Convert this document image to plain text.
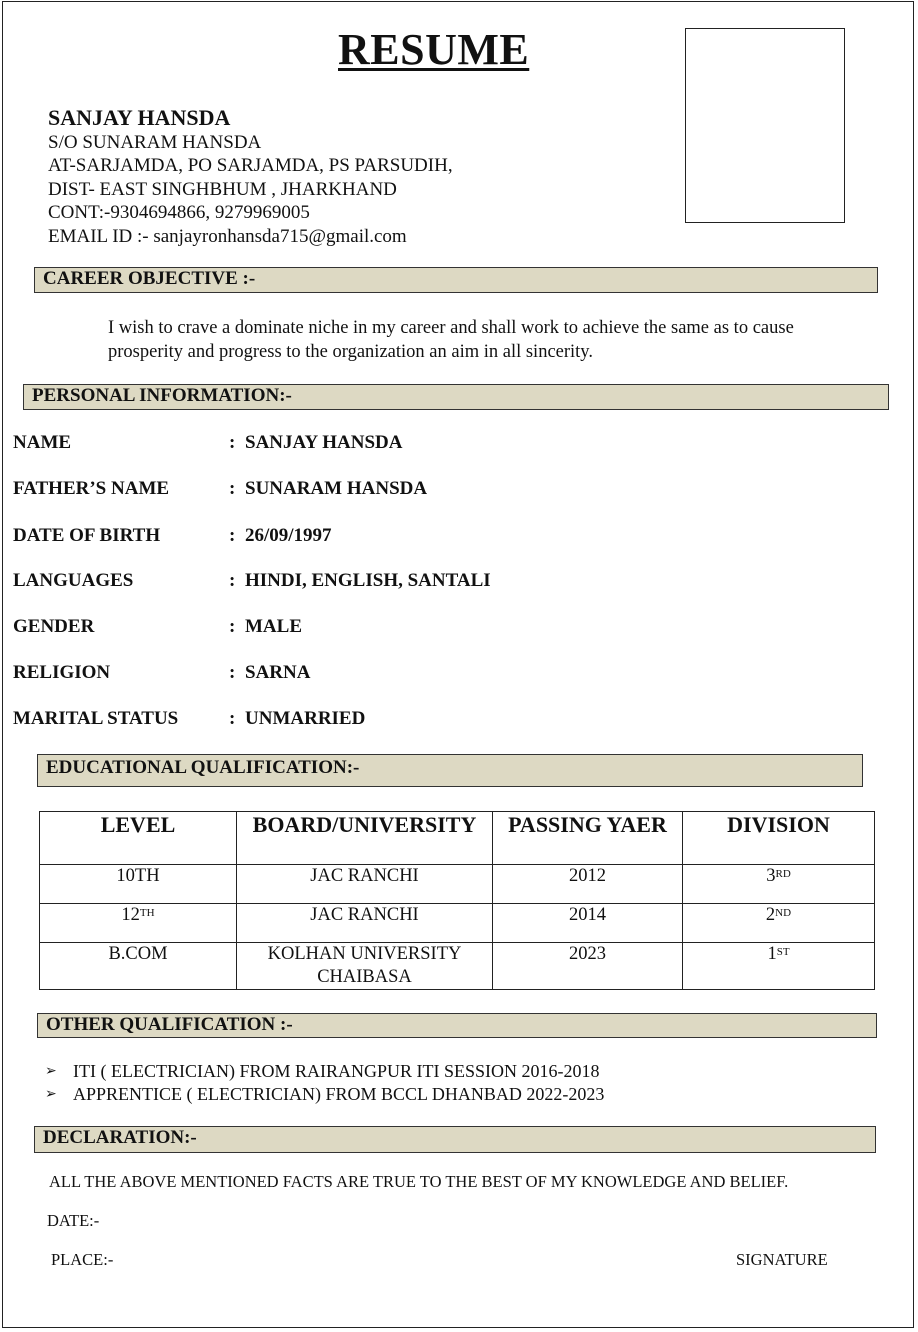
RESUME
SANJAY HANSDA
S/O SUNARAM HANSDA
AT-SARJAMDA, PO SARJAMDA, PS PARSUDIH,
DIST- EAST SINGHBHUM , JHARKHAND
CONT:-9304694866, 9279969005
EMAIL ID :- sanjayronhansda715@gmail.com
CAREER OBJECTIVE :-
I wish to crave a dominate niche in my career and shall work to achieve the same as to cause prosperity and progress to the organization an aim in all sincerity.
PERSONAL INFORMATION:-
NAME	: SANJAY HANSDA
FATHER’S NAME	: SUNARAM HANSDA
DATE OF BIRTH	: 26/09/1997
LANGUAGES	: HINDI, ENGLISH, SANTALI
GENDER	: MALE
RELIGION	: SARNA
MARITAL STATUS	: UNMARRIED
EDUCATIONAL QUALIFICATION:-
LEVEL	BOARD/UNIVERSITY	PASSING YAER	DIVISION
10TH	JAC RANCHI	2012	3RD
12TH	JAC RANCHI	2014	2ND
B.COM	KOLHAN UNIVERSITY CHAIBASA	2023	1ST
OTHER QUALIFICATION :-
➢ ITI ( ELECTRICIAN) FROM RAIRANGPUR ITI SESSION 2016-2018
➢ APPRENTICE ( ELECTRICIAN) FROM BCCL DHANBAD 2022-2023
DECLARATION:-
ALL THE ABOVE MENTIONED FACTS ARE TRUE TO THE BEST OF MY KNOWLEDGE AND BELIEF.
DATE:-
PLACE:-	SIGNATURE
